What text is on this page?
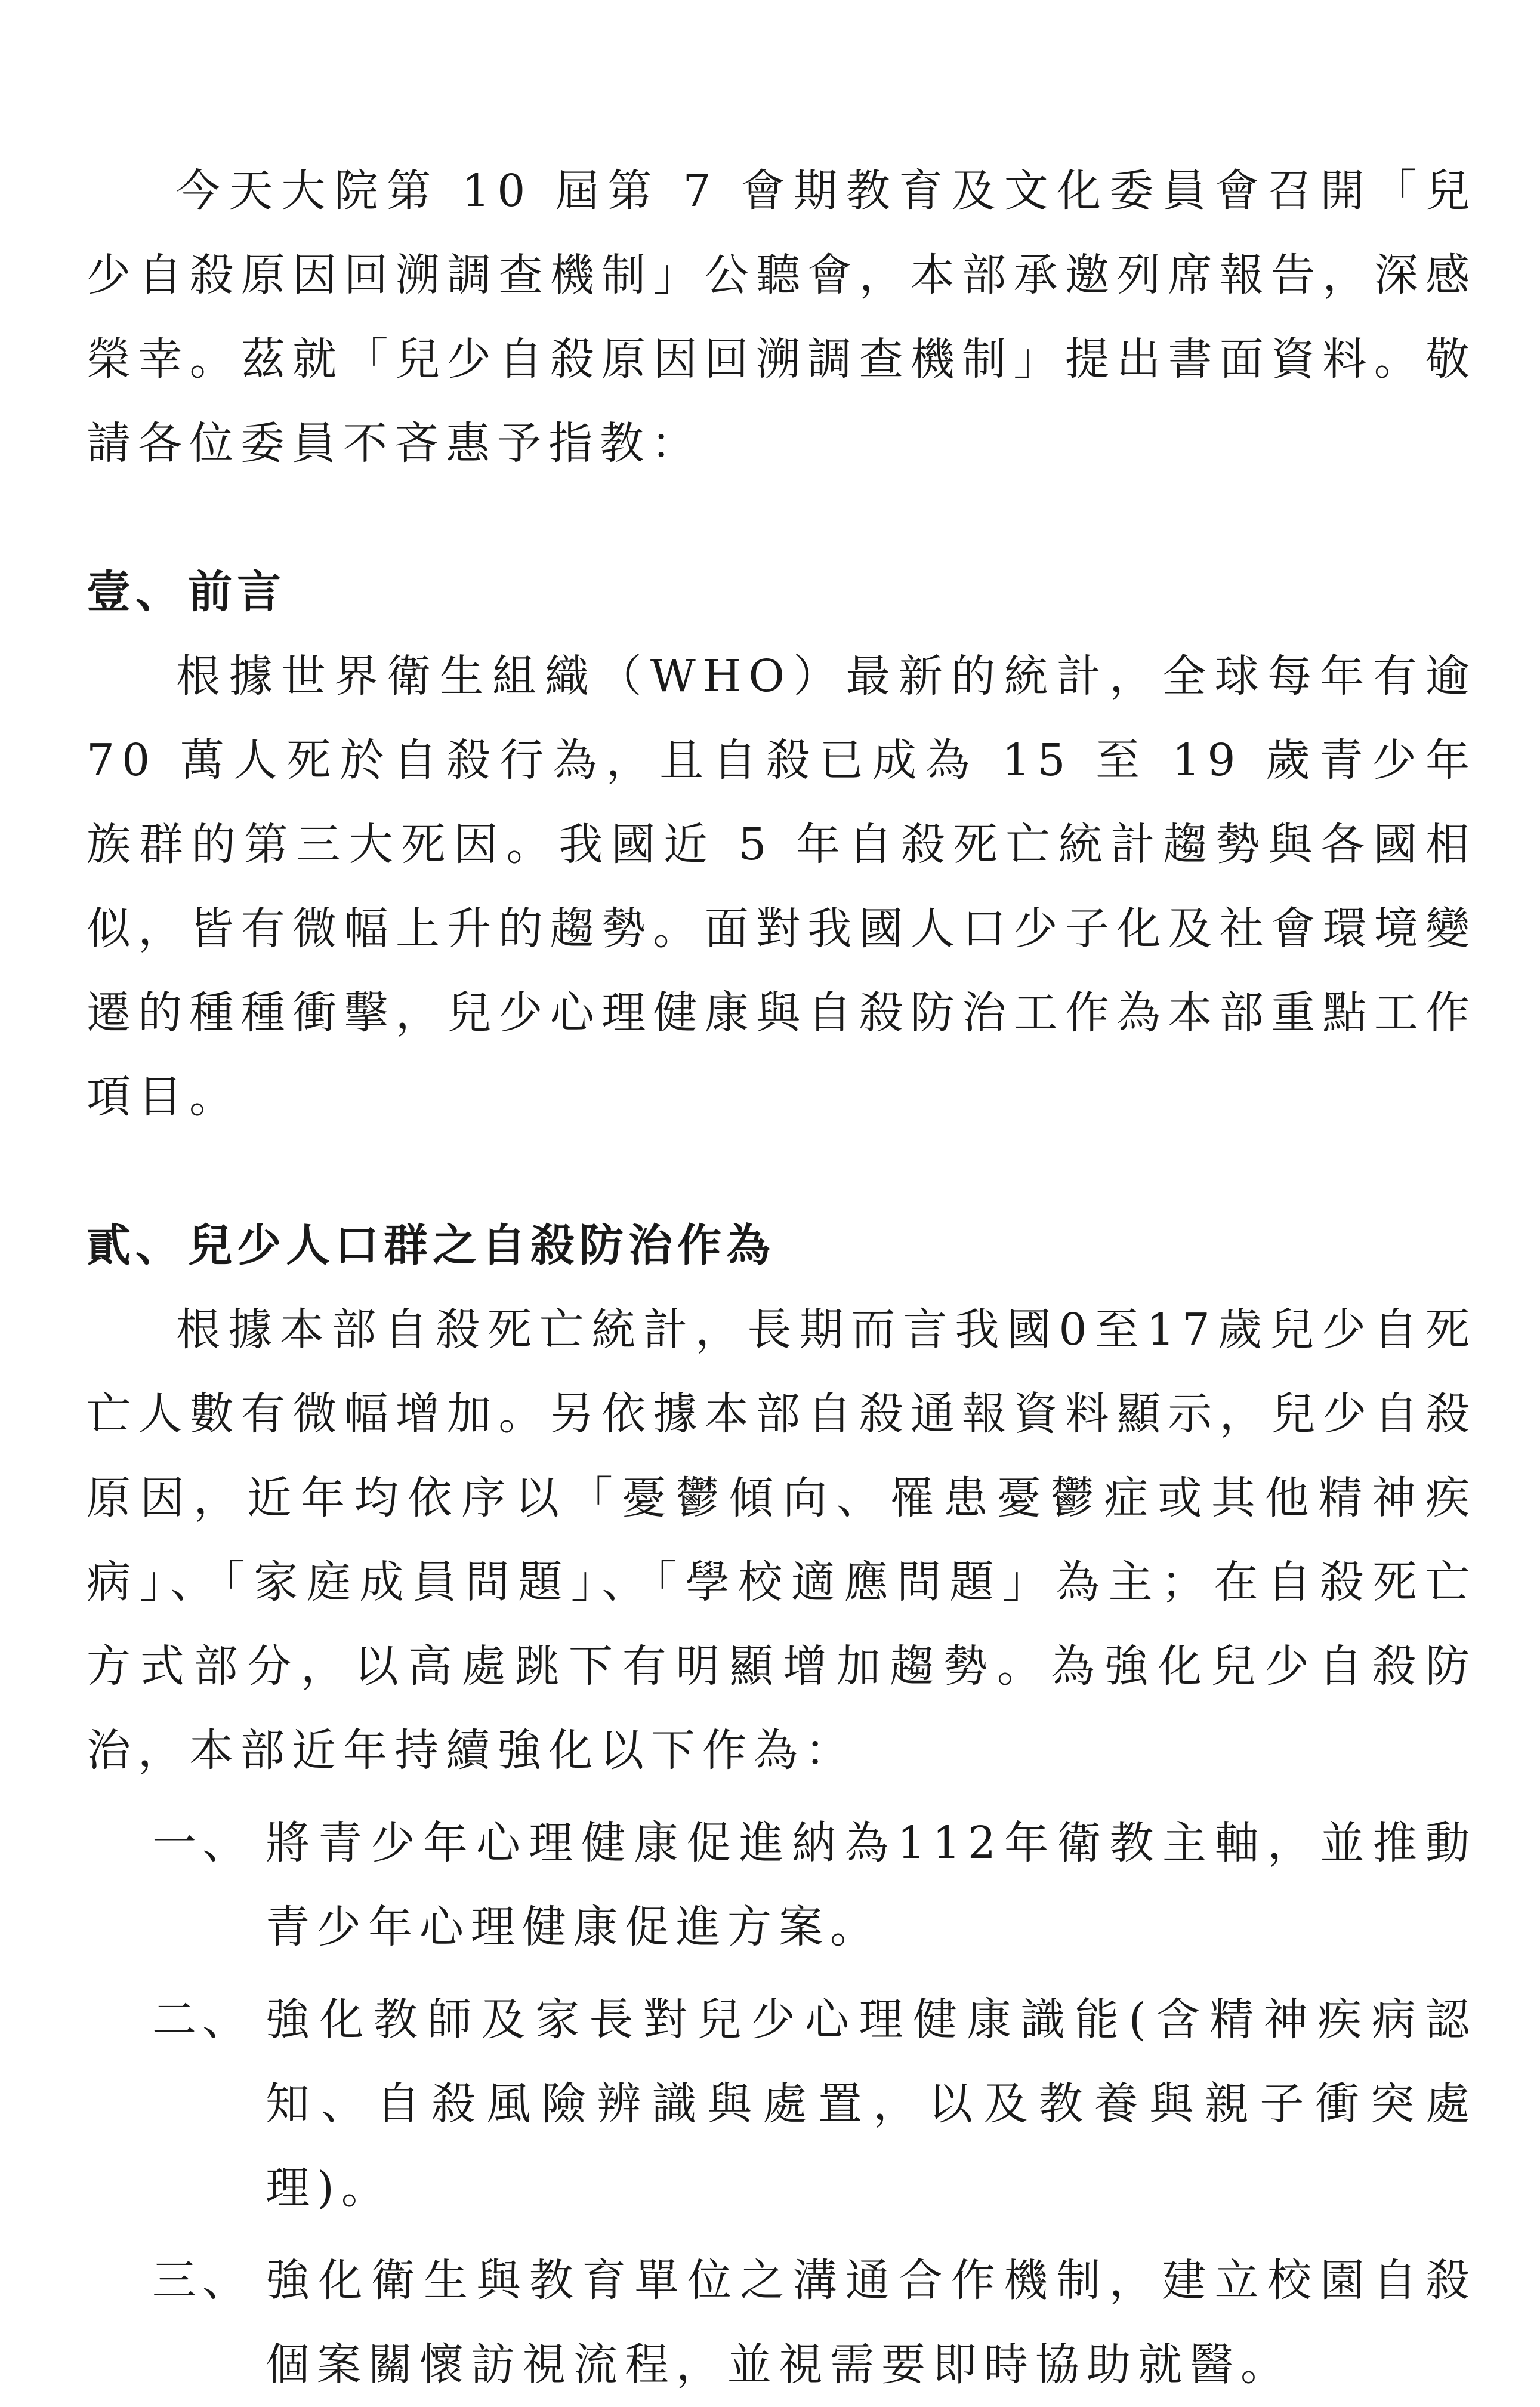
今天大院第 10 屆第 7 會期教育及文化委員會召開「兒少自殺原因回溯調查機制」公聽會，本部承邀列席報告，深感榮幸。茲就「兒少自殺原因回溯調查機制」提出書面資料。敬請各位委員不吝惠予指教：

壹、前言

根據世界衛生組織（WHO）最新的統計，全球每年有逾 70 萬人死於自殺行為，且自殺已成為 15 至 19 歲青少年族群的第三大死因。我國近 5 年自殺死亡統計趨勢與各國相似，皆有微幅上升的趨勢。面對我國人口少子化及社會環境變遷的種種衝擊，兒少心理健康與自殺防治工作為本部重點工作項目。

貳、兒少人口群之自殺防治作為

根據本部自殺死亡統計，長期而言我國0至17歲兒少自死亡人數有微幅增加。另依據本部自殺通報資料顯示，兒少自殺原因，近年均依序以「憂鬱傾向、罹患憂鬱症或其他精神疾病」、「家庭成員問題」、「學校適應問題」為主；在自殺死亡方式部分，以高處跳下有明顯增加趨勢。為強化兒少自殺防治，本部近年持續強化以下作為：

一、 將青少年心理健康促進納為112年衛教主軸，並推動青少年心理健康促進方案。
二、 強化教師及家長對兒少心理健康識能(含精神疾病認知、自殺風險辨識與處置，以及教養與親子衝突處理)。
三、 強化衛生與教育單位之溝通合作機制，建立校園自殺個案關懷訪視流程，並視需要即時協助就醫。
